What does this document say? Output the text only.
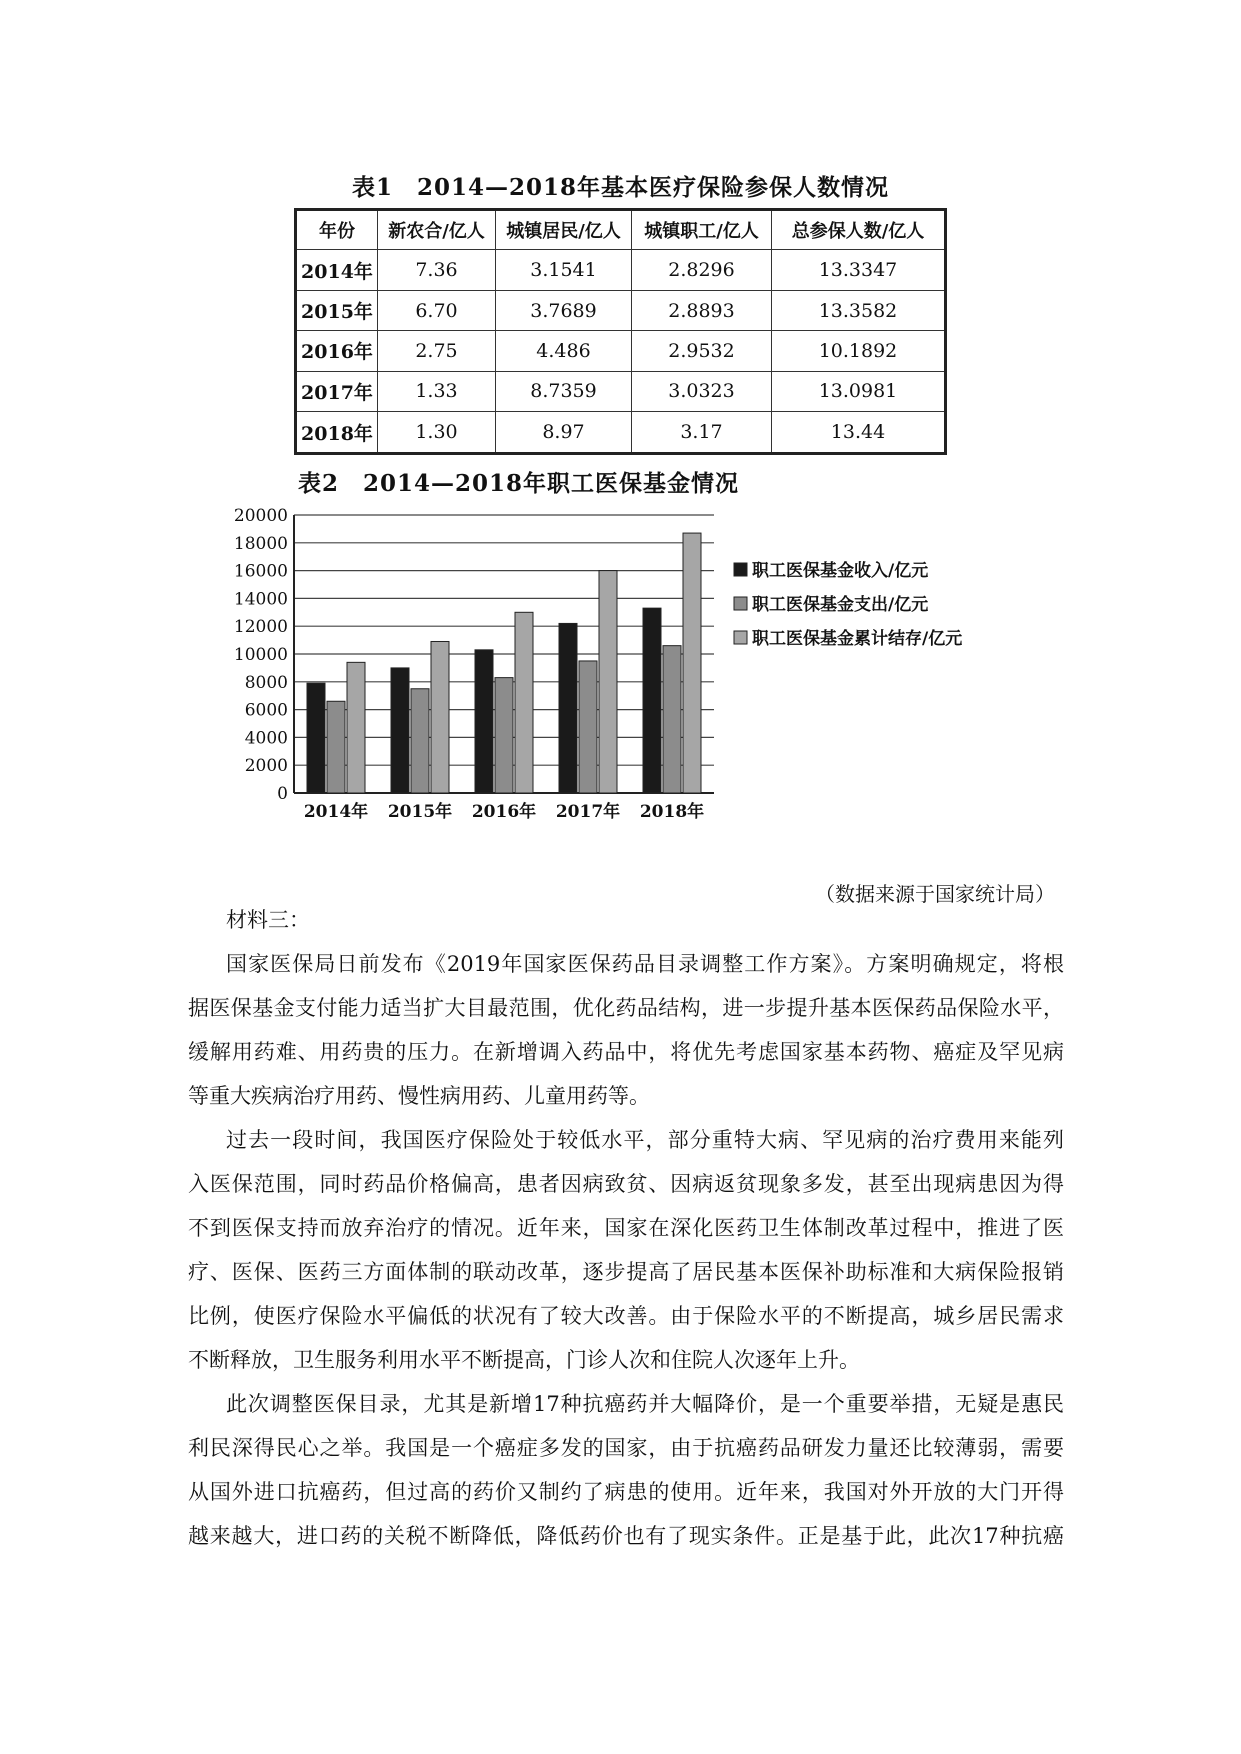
表1　2014—2018年基本医疗保险参保人数情况
年份	新农合/亿人	城镇居民/亿人	城镇职工/亿人	总参保人数/亿人
2014年	7.36	3.1541	2.8296	13.3347
2015年	6.70	3.7689	2.8893	13.3582
2016年	2.75	4.486	2.9532	10.1892
2017年	1.33	8.7359	3.0323	13.0981
2018年	1.30	8.97	3.17	13.44
表2　2014—2018年职工医保基金情况
0
2000
4000
6000
8000
10000
12000
14000
16000
18000
20000
2014年 2015年 2016年 2017年 2018年
职工医保基金收入/亿元
职工医保基金支出/亿元
职工医保基金累计结存/亿元
（数据来源于国家统计局）
材料三：
国家医保局日前发布《2019年国家医保药品目录调整工作方案》。方案明确规定，将根
据医保基金支付能力适当扩大目最范围，优化药品结构，进一步提升基本医保药品保险水平，
缓解用药难、用药贵的压力。在新增调入药品中，将优先考虑国家基本药物、癌症及罕见病
等重大疾病治疗用药、慢性病用药、儿童用药等。
过去一段时间，我国医疗保险处于较低水平，部分重特大病、罕见病的治疗费用来能列
入医保范围，同时药品价格偏高，患者因病致贫、因病返贫现象多发，甚至出现病患因为得
不到医保支持而放弃治疗的情况。近年来，国家在深化医药卫生体制改革过程中，推进了医
疗、医保、医药三方面体制的联动改革，逐步提高了居民基本医保补助标准和大病保险报销
比例，使医疗保险水平偏低的状况有了较大改善。由于保险水平的不断提高，城乡居民需求
不断释放，卫生服务利用水平不断提高，门诊人次和住院人次逐年上升。
此次调整医保目录，尤其是新增17种抗癌药并大幅降价，是一个重要举措，无疑是惠民
利民深得民心之举。我国是一个癌症多发的国家，由于抗癌药品研发力量还比较薄弱，需要
从国外进口抗癌药，但过高的药价又制约了病患的使用。近年来，我国对外开放的大门开得
越来越大，进口药的关税不断降低，降低药价也有了现实条件。正是基于此，此次17种抗癌
